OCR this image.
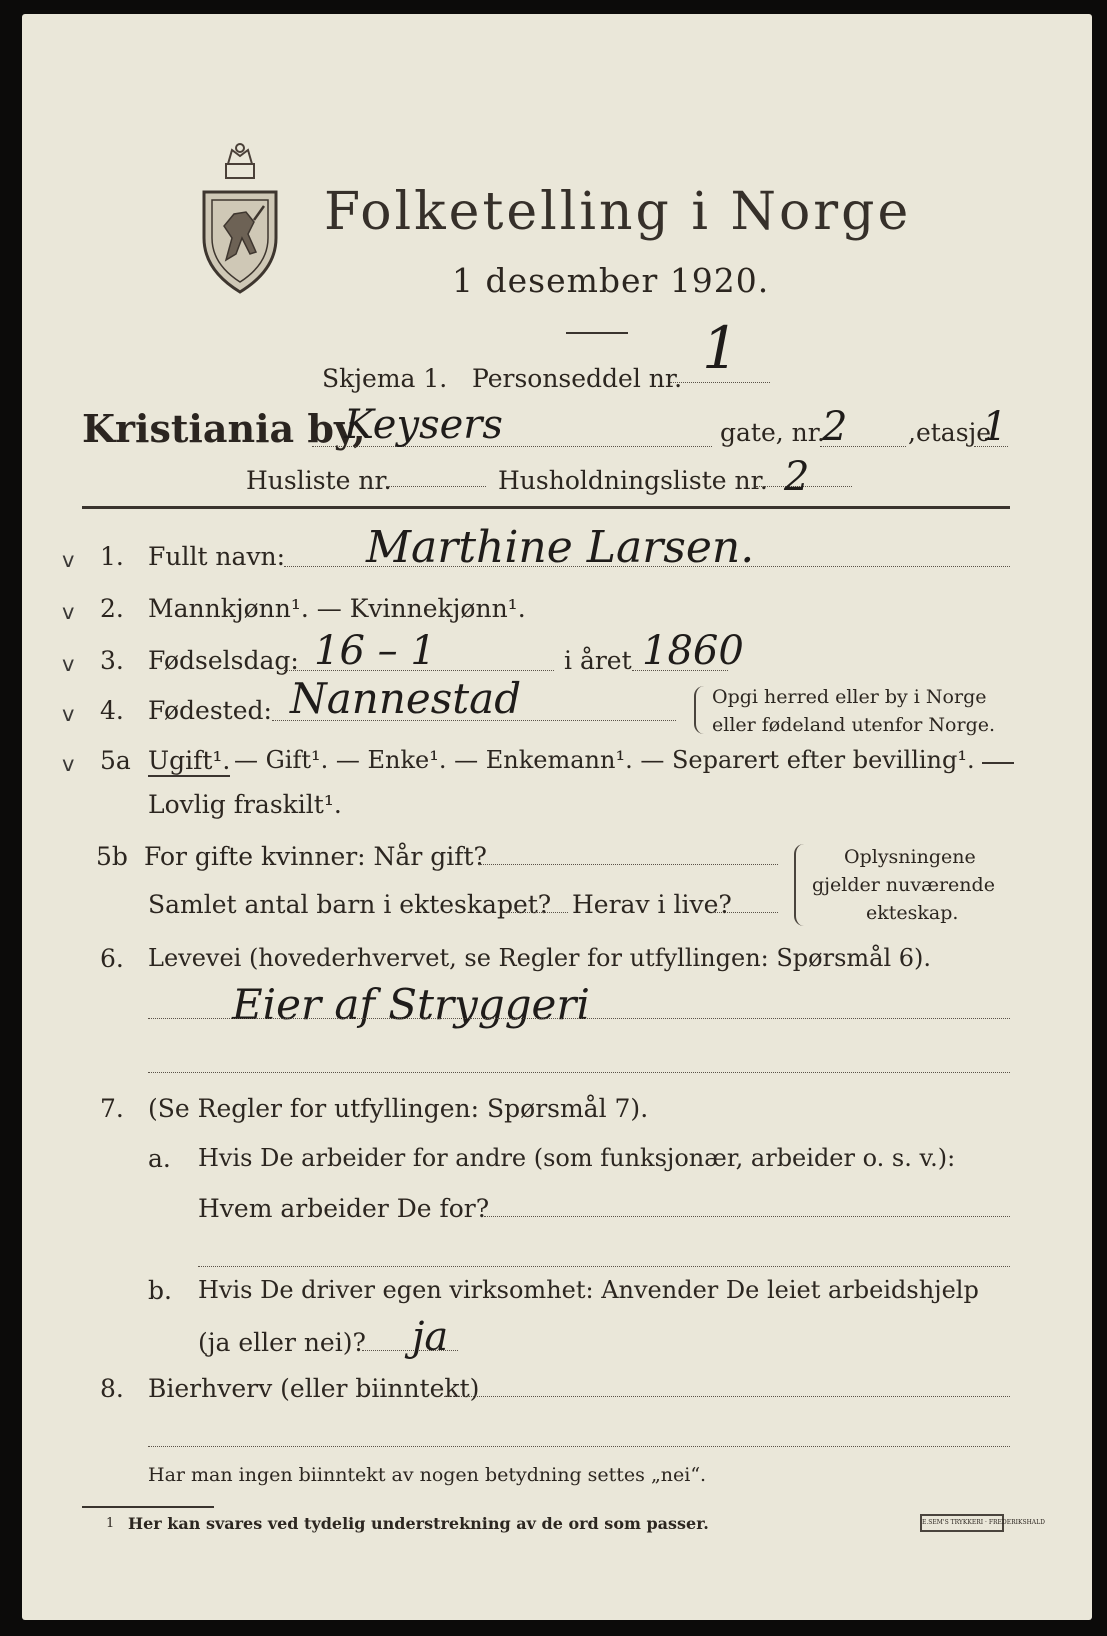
Folketelling i Norge
1 desember 1920.
Skjema 1. Personseddel nr. 1
Kristiania by,
Keysers	gate, nr.
2 ,etasje
1
Husliste nr.	Husholdningsliste nr. 2
v 1. Fullt navn: Marthine Larsen.
v 2. Mannkjønn¹. — Kvinnekjønn¹.
v 3. Fødselsdag: 16 – 1	i året 1860
v 4. Fødested: Nannestad	Opgi herred eller by i Norge
eller fødeland utenfor Norge.
v 5a Ugift¹. — Gift¹. — Enke¹. — Enkemann¹. — Separert efter bevilling¹.
Lovlig fraskilt¹.
5b For gifte kvinner: Når gift?
Samlet antal barn i ekteskapet? Herav i live?
Oplysningene
gjelder nuværende
ekteskap.
6. Levevei (hovederhvervet, se Regler for utfyllingen: Spørsmål 6).
Eier af Stryggeri
7. (Se Regler for utfyllingen: Spørsmål 7).
a. Hvis De arbeider for andre (som funksjonær, arbeider o. s. v.):
Hvem arbeider De for?
b. Hvis De driver egen virksomhet: Anvender De leiet arbeidshjelp
(ja eller nei)? ja
8. Bierhverv (eller biinntekt)
Har man ingen biinntekt av nogen betydning settes „nei“.
1 Her kan svares ved tydelig understrekning av de ord som passer.	E.SEM'S TRYKKERI · FREDERIKSHALD
